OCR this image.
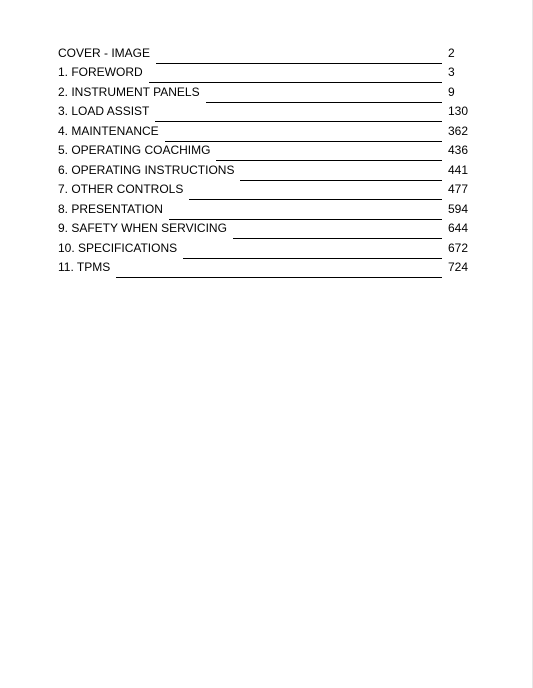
COVER - IMAGE	2
1. FOREWORD	3
2. INSTRUMENT PANELS	9
3. LOAD ASSIST	130
4. MAINTENANCE	362
5. OPERATING COACHIMG	436
6. OPERATING INSTRUCTIONS	441
7. OTHER CONTROLS	477
8. PRESENTATION	594
9. SAFETY WHEN SERVICING	644
10. SPECIFICATIONS	672
11. TPMS	724
